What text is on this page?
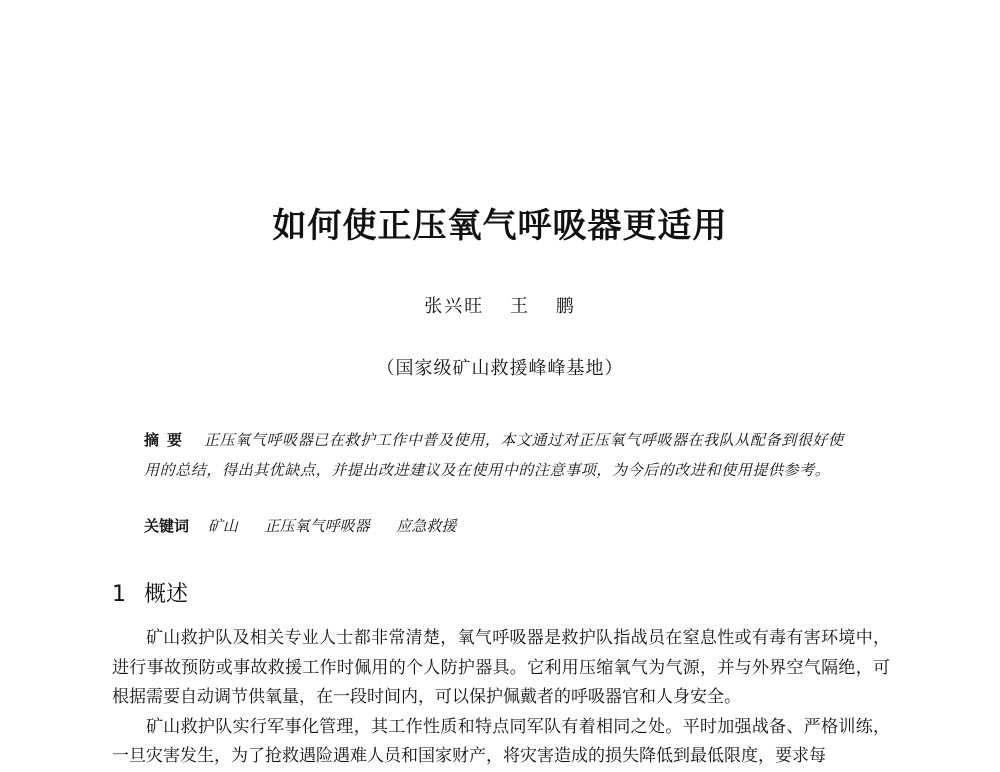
如何使正压氧气呼吸器更适用
张兴旺 王 鹏
（国家级矿山救援峰峰基地）
摘要 正压氧气呼吸器已在救护工作中普及使用，本文通过对正压氧气呼吸器在我队从配备到很好使用的总结，得出其优缺点，并提出改进建议及在使用中的注意事项，为今后的改进和使用提供参考。
关键词 矿山 正压氧气呼吸器 应急救援
1 概述

矿山救护队及相关专业人士都非常清楚，氧气呼吸器是救护队指战员在窒息性或有毒有害环境中，进行事故预防或事故救援工作时佩用的个人防护器具。它利用压缩氧气为气源，并与外界空气隔绝，可根据需要自动调节供氧量，在一段时间内，可以保护佩戴者的呼吸器官和人身安全。

矿山救护队实行军事化管理，其工作性质和特点同军队有着相同之处。平时加强战备、严格训练，一旦灾害发生，为了抢救遇险遇难人员和国家财产，将灾害造成的损失降低到最低限度，要求每
